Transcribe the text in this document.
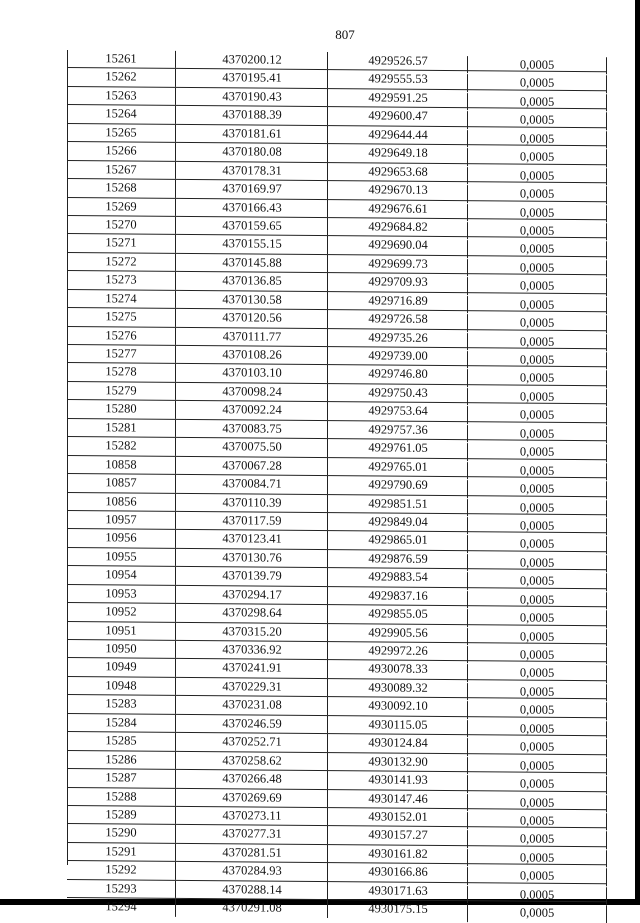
807
15261	4370200.12	4929526.57	0,0005
15262	4370195.41	4929555.53	0,0005
15263	4370190.43	4929591.25	0,0005
15264	4370188.39	4929600.47	0,0005
15265	4370181.61	4929644.44	0,0005
15266	4370180.08	4929649.18	0,0005
15267	4370178.31	4929653.68	0,0005
15268	4370169.97	4929670.13	0,0005
15269	4370166.43	4929676.61	0,0005
15270	4370159.65	4929684.82	0,0005
15271	4370155.15	4929690.04	0,0005
15272	4370145.88	4929699.73	0,0005
15273	4370136.85	4929709.93	0,0005
15274	4370130.58	4929716.89	0,0005
15275	4370120.56	4929726.58	0,0005
15276	4370111.77	4929735.26	0,0005
15277	4370108.26	4929739.00	0,0005
15278	4370103.10	4929746.80	0,0005
15279	4370098.24	4929750.43	0,0005
15280	4370092.24	4929753.64	0,0005
15281	4370083.75	4929757.36	0,0005
15282	4370075.50	4929761.05	0,0005
10858	4370067.28	4929765.01	0,0005
10857	4370084.71	4929790.69	0,0005
10856	4370110.39	4929851.51	0,0005
10957	4370117.59	4929849.04	0,0005
10956	4370123.41	4929865.01	0,0005
10955	4370130.76	4929876.59	0,0005
10954	4370139.79	4929883.54	0,0005
10953	4370294.17	4929837.16	0,0005
10952	4370298.64	4929855.05	0,0005
10951	4370315.20	4929905.56	0,0005
10950	4370336.92	4929972.26	0,0005
10949	4370241.91	4930078.33	0,0005
10948	4370229.31	4930089.32	0,0005
15283	4370231.08	4930092.10	0,0005
15284	4370246.59	4930115.05	0,0005
15285	4370252.71	4930124.84	0,0005
15286	4370258.62	4930132.90	0,0005
15287	4370266.48	4930141.93	0,0005
15288	4370269.69	4930147.46	0,0005
15289	4370273.11	4930152.01	0,0005
15290	4370277.31	4930157.27	0,0005
15291	4370281.51	4930161.82	0,0005
15292	4370284.93	4930166.86	0,0005
15293	4370288.14	4930171.63	0,0005
15294	4370291.08	4930175.15	0,0005
